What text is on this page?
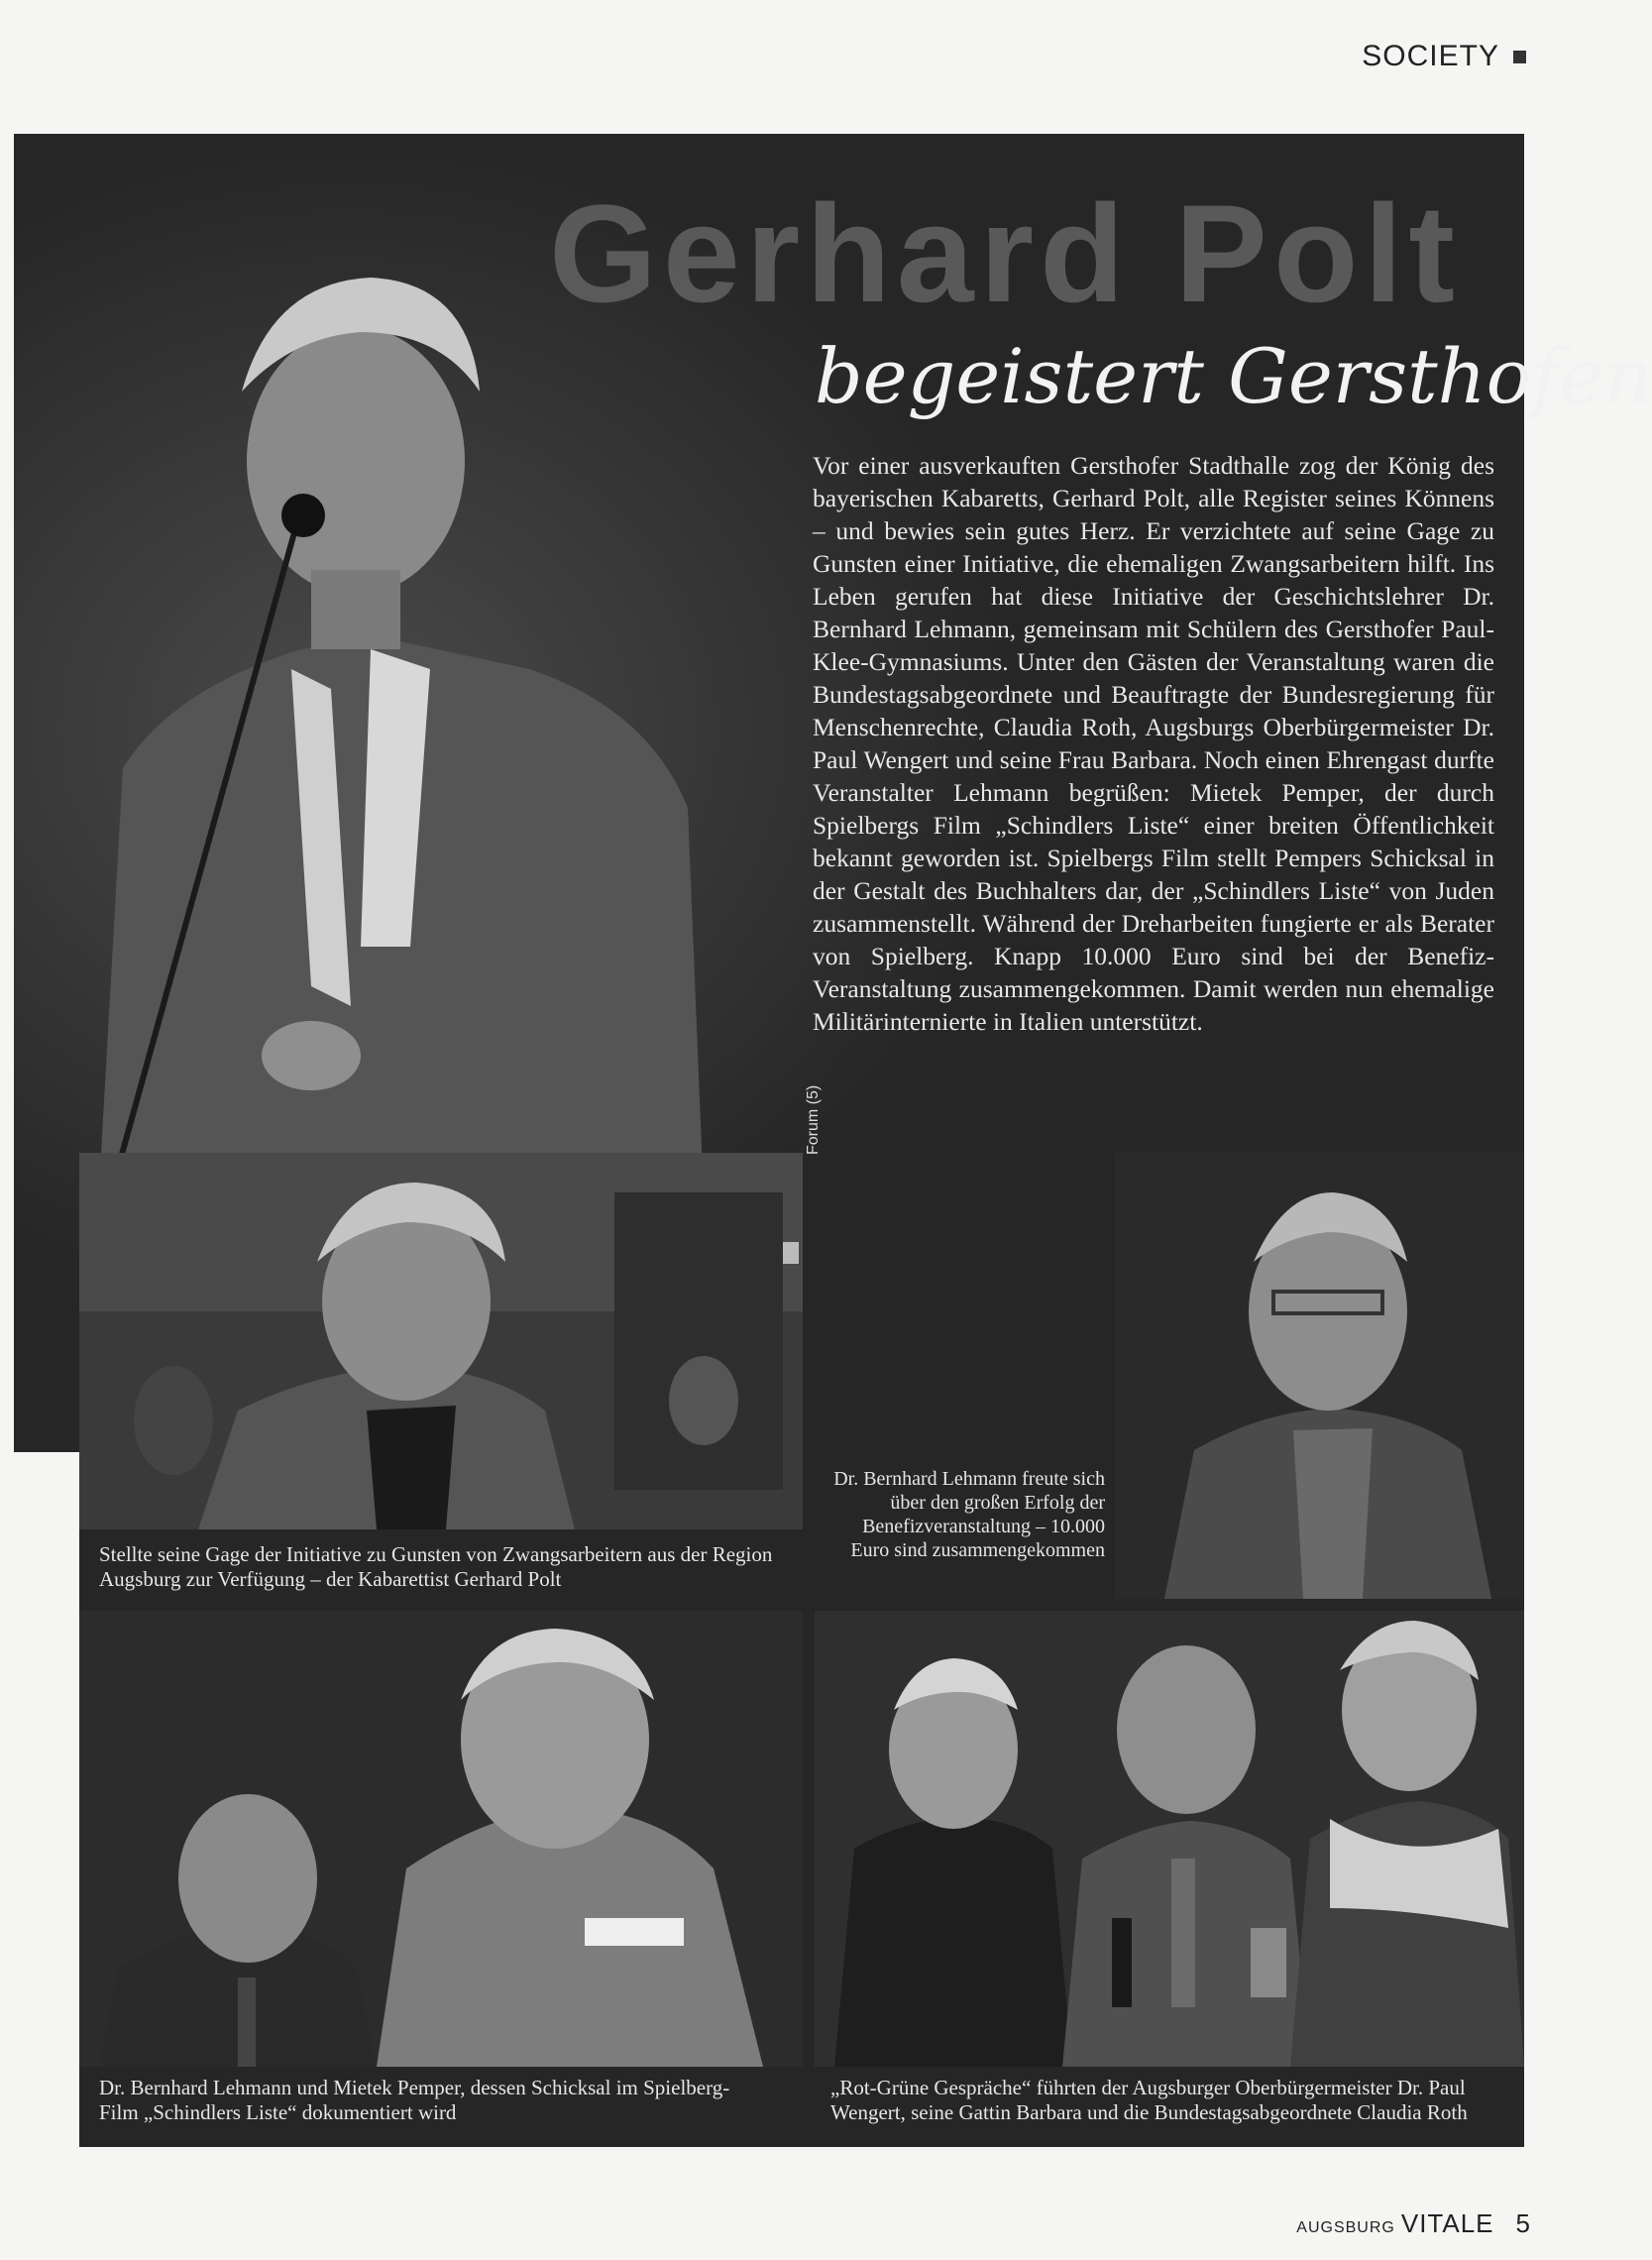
SOCIETY
Gerhard Polt
begeistert Gersthofen
Vor einer ausverkauften Gersthofer Stadthalle zog der König des bayerischen Kabaretts, Gerhard Polt, alle Register seines Könnens – und bewies sein gutes Herz. Er verzichtete auf seine Gage zu Gunsten einer Initiative, die ehemaligen Zwangsarbeitern hilft. Ins Leben gerufen hat diese Initiative der Geschichtslehrer Dr. Bernhard Lehmann, gemeinsam mit Schülern des Gersthofer Paul-Klee-Gymnasiums. Unter den Gästen der Veranstaltung waren die Bundestagsabgeordnete und Beauftragte der Bundesregierung für Menschenrechte, Claudia Roth, Augsburgs Oberbürgermeister Dr. Paul Wengert und seine Frau Barbara. Noch einen Ehrengast durfte Veranstalter Lehmann begrüßen: Mietek Pemper, der durch Spielbergs Film „Schindlers Liste“ einer breiten Öffentlichkeit bekannt geworden ist. Spielbergs Film stellt Pempers Schicksal in der Gestalt des Buchhalters dar, der „Schindlers Liste“ von Juden zusammenstellt. Während der Dreharbeiten fungierte er als Berater von Spielberg. Knapp 10.000 Euro sind bei der Benefiz-Veranstaltung zusammengekommen. Damit werden nun ehemalige Militärinternierte in Italien unterstützt.
Forum (5)
Stellte seine Gage der Initiative zu Gunsten von Zwangsarbeitern aus der Region Augsburg zur Verfügung – der Kabarettist Gerhard Polt
Dr. Bernhard Lehmann freute sich über den großen Erfolg der Benefizveranstaltung – 10.000 Euro sind zusammengekommen
Dr. Bernhard Lehmann und Mietek Pemper, dessen Schicksal im Spielberg-Film „Schindlers Liste“ dokumentiert wird
„Rot-Grüne Gespräche“ führten der Augsburger Oberbürgermeister Dr. Paul Wengert, seine Gattin Barbara und die Bundestagsabgeordnete Claudia Roth
AUGSBURG VITALE 5
